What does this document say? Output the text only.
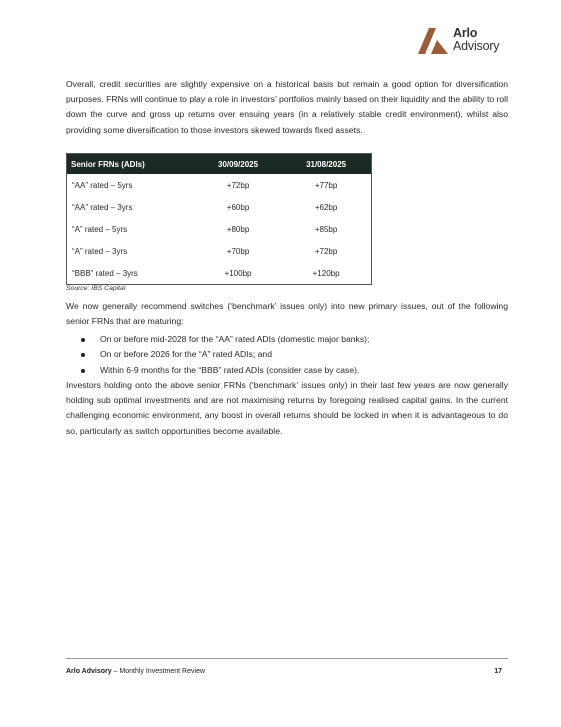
Arlo
Advisory

Overall, credit securities are slightly expensive on a historical basis but remain a good option for diversification purposes. FRNs will continue to play a role in investors’ portfolios mainly based on their liquidity and the ability to roll down the curve and gross up returns over ensuing years (in a relatively stable credit environment), whilst also providing some diversification to those investors skewed towards fixed assets.

Senior FRNs (ADIs)	30/09/2025	31/08/2025
“AA” rated – 5yrs	+72bp	+77bp
“AA” rated – 3yrs	+60bp	+62bp
“A” rated – 5yrs	+80bp	+85bp
“A” rated – 3yrs	+70bp	+72bp
“BBB” rated – 3yrs	+100bp	+120bp
Source: IBS Capital

We now generally recommend switches (‘benchmark’ issues only) into new primary issues, out of the following senior FRNs that are maturing:

On or before mid-2028 for the “AA” rated ADIs (domestic major banks);
On or before 2026 for the “A” rated ADIs; and
Within 6-9 months for the “BBB” rated ADIs (consider case by case).

Investors holding onto the above senior FRNs (‘benchmark’ issues only) in their last few years are now generally holding sub optimal investments and are not maximising returns by foregoing realised capital gains. In the current challenging economic environment, any boost in overall returns should be locked in when it is advantageous to do so, particularly as switch opportunities become available.

Arlo Advisory – Monthly Investment Review	17
